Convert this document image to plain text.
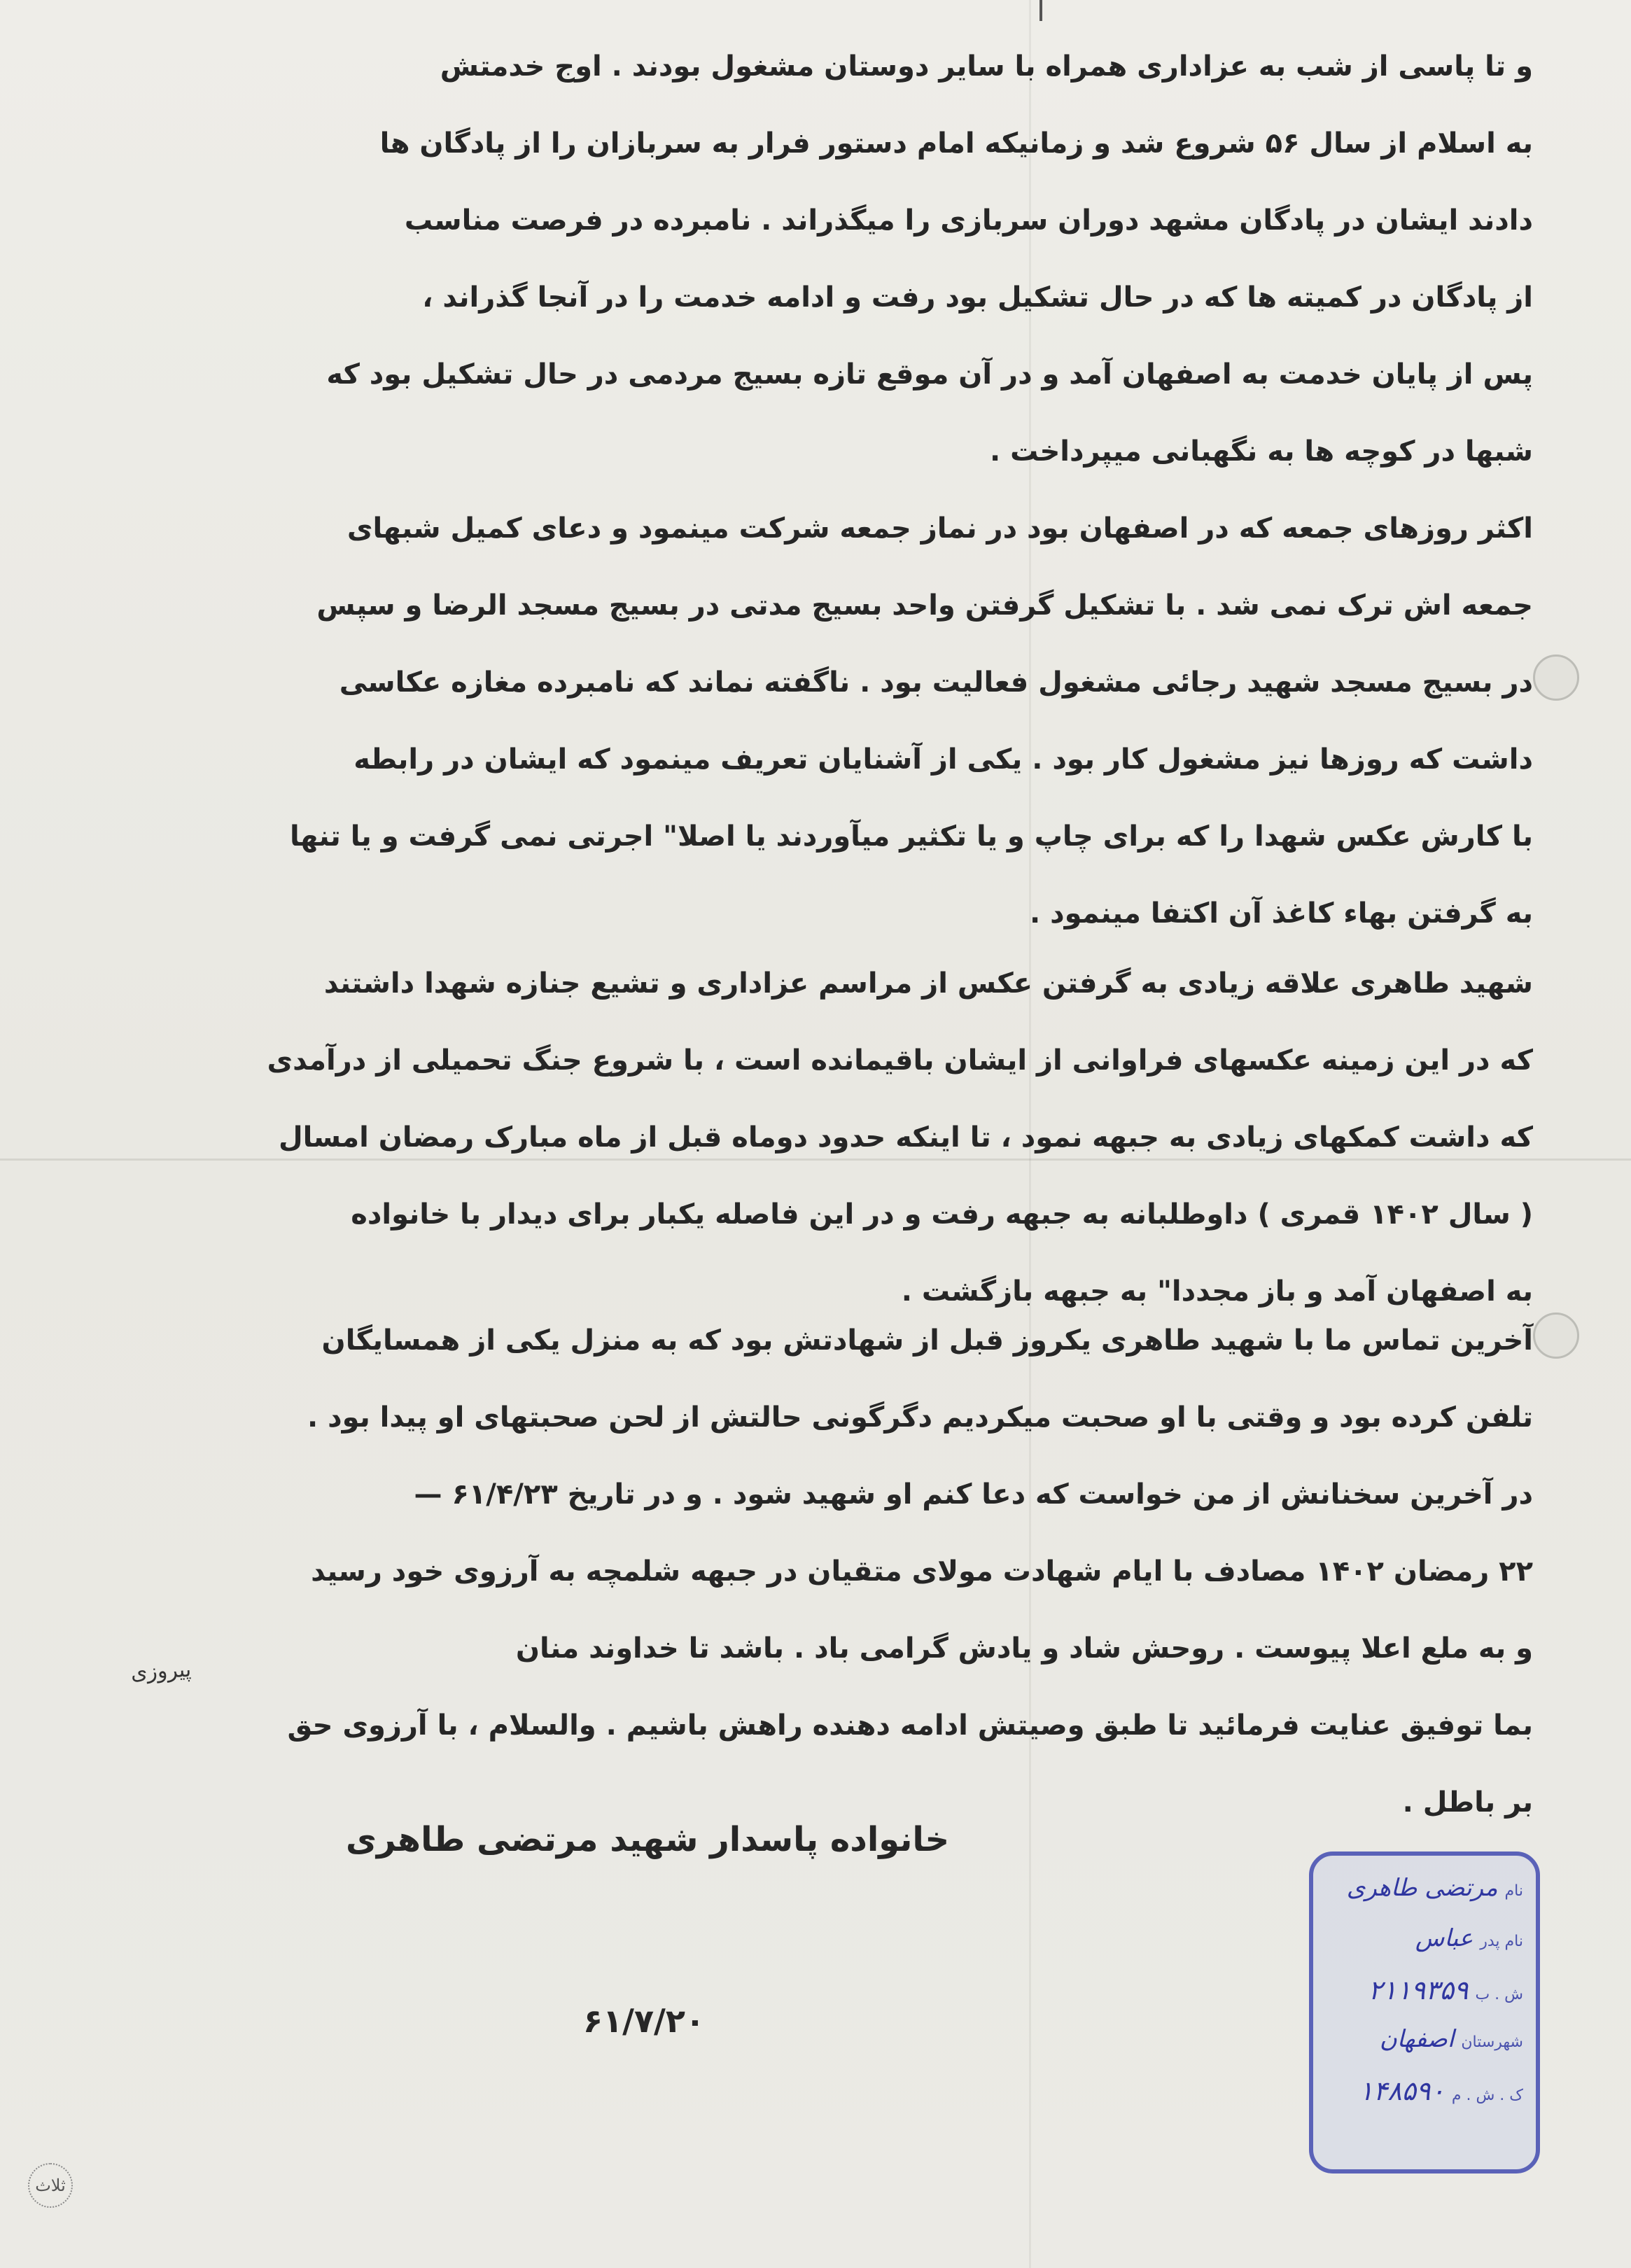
و تا پاسی از شب به عزاداری همراه با سایر دوستان مشغول بودند . اوج خدمتش

به اسلام از سال ۵۶ شروع شد و زمانیکه امام دستور فرار به سربازان را از پادگان ها

دادند ایشان در پادگان مشهد دوران سربازی را میگذراند . نامبرده در فرصت مناسب

از پادگان در کمیته ها که در حال تشکیل بود رفت و ادامه خدمت را در آنجا گذراند ،

پس از پایان خدمت به اصفهان آمد و در آن موقع تازه بسیج مردمی در حال تشکیل بود که

شبها در کوچه ها به نگهبانی میپرداخت .

اکثر روزهای جمعه که در اصفهان بود در نماز جمعه شرکت مینمود و دعای کمیل شبهای

جمعه اش ترک نمی شد . با تشکیل گرفتن واحد بسیج مدتی در بسیج مسجد الرضا و سپس

در بسیج مسجد شهید رجائی مشغول فعالیت بود . ناگفته نماند که نامبرده مغازه عکاسی

داشت که روزها نیز مشغول کار بود . یکی از آشنایان تعریف مینمود که ایشان در رابطه

با کارش عکس شهدا را که برای چاپ و یا تکثیر میآوردند یا اصلا" اجرتی نمی گرفت و یا تنها

به گرفتن بهاء کاغذ آن اکتفا مینمود .

شهید طاهری علاقه زیادی به گرفتن عکس از مراسم عزاداری و تشیع جنازه شهدا داشتند

که در این زمینه عکسهای فراوانی از ایشان باقیمانده است ، با شروع جنگ تحمیلی از درآمدی

که داشت کمکهای زیادی به جبهه نمود ، تا اینکه حدود دوماه قبل از ماه مبارک رمضان امسال

( سال ۱۴۰۲ قمری ) داوطلبانه به جبهه رفت و در این فاصله یکبار برای دیدار با خانواده

به اصفهان آمد و باز مجددا" به جبهه بازگشت .

آخرین تماس ما با شهید طاهری یکروز قبل از شهادتش بود که به منزل یکی از همسایگان

تلفن کرده بود و وقتی با او صحبت میکردیم دگرگونی حالتش از لحن صحبتهای او پیدا بود .

در آخرین سخنانش از من خواست که دعا کنم او شهید شود . و در تاریخ ۶۱/۴/۲۳ —

۲۲ رمضان ۱۴۰۲ مصادف با ایام شهادت مولای متقیان در جبهه شلمچه به آرزوی خود رسید

و به ملع اعلا پیوست . روحش شاد و یادش گرامی باد . باشد تا خداوند منان

بما توفیق عنایت فرمائید تا طبق وصیتش ادامه دهنده راهش باشیم . والسلام ، با آرزوی حق

بر باطل .

پیروزی
خانواده پاسدار شهید مرتضی طاهری
۶۱/۷/۲۰
نام
مرتضی طاهری
نام پدر
عباس
ش . ب
۲۱۱۹۳۵۹
شهرستان
اصفهان
ک . ش . م
۱۴۸۵۹۰
ثلاث
